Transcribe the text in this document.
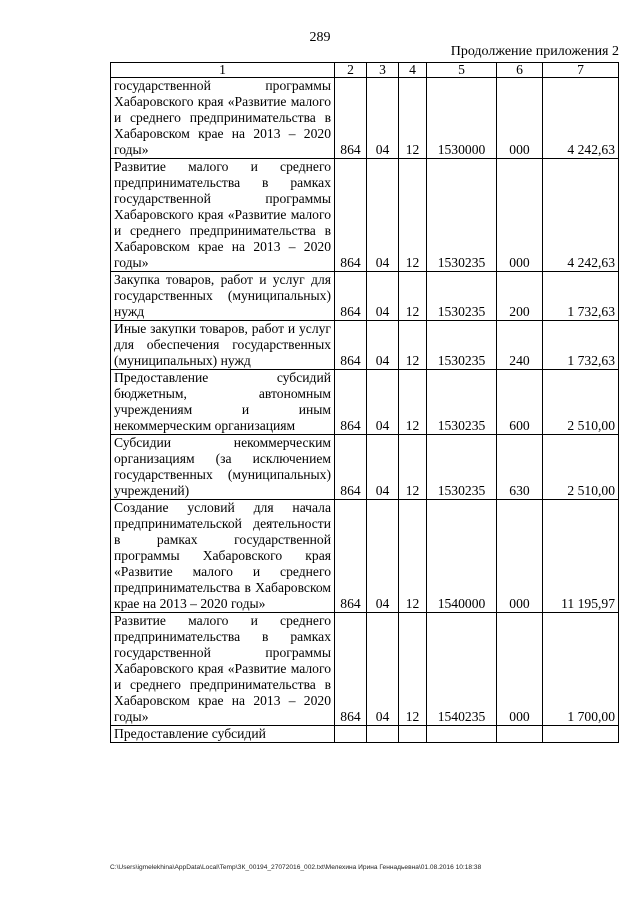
289
Продолжение приложения 2
1	2	3	4	5	6	7
государственной программы Хабаровского края «Развитие малого и среднего предпринимательства в Хабаровском крае на 2013 – 2020 годы»	864	04	12	1530000	000	4 242,63
Развитие малого и среднего предпринимательства в рамках государственной программы Хабаровского края «Развитие малого и среднего предпринимательства в Хабаровском крае на 2013 – 2020 годы»	864	04	12	1530235	000	4 242,63
Закупка товаров, работ и услуг для государственных (муниципальных) нужд	864	04	12	1530235	200	1 732,63
Иные закупки товаров, работ и услуг для обеспечения государственных (муниципальных) нужд	864	04	12	1530235	240	1 732,63
Предоставление субсидий бюджетным, автономным учреждениям и иным некоммерческим организациям	864	04	12	1530235	600	2 510,00
Субсидии некоммерческим организациям (за исключением государственных (муниципальных) учреждений)	864	04	12	1530235	630	2 510,00
Создание условий для начала предпринимательской деятельности в рамках государственной программы Хабаровского края «Развитие малого и среднего предпринимательства в Хабаровском крае на 2013 – 2020 годы»	864	04	12	1540000	000	11 195,97
Развитие малого и среднего предпринимательства в рамках государственной программы Хабаровского края «Развитие малого и среднего предпринимательства в Хабаровском крае на 2013 – 2020 годы»	864	04	12	1540235	000	1 700,00
Предоставление субсидий						
C:\Users\igmelekhina\AppData\Local\Temp\ЗК_00194_27072016_002.txt\Мелехина Ирина Геннадьевна\01.08.2016 10:18:38
